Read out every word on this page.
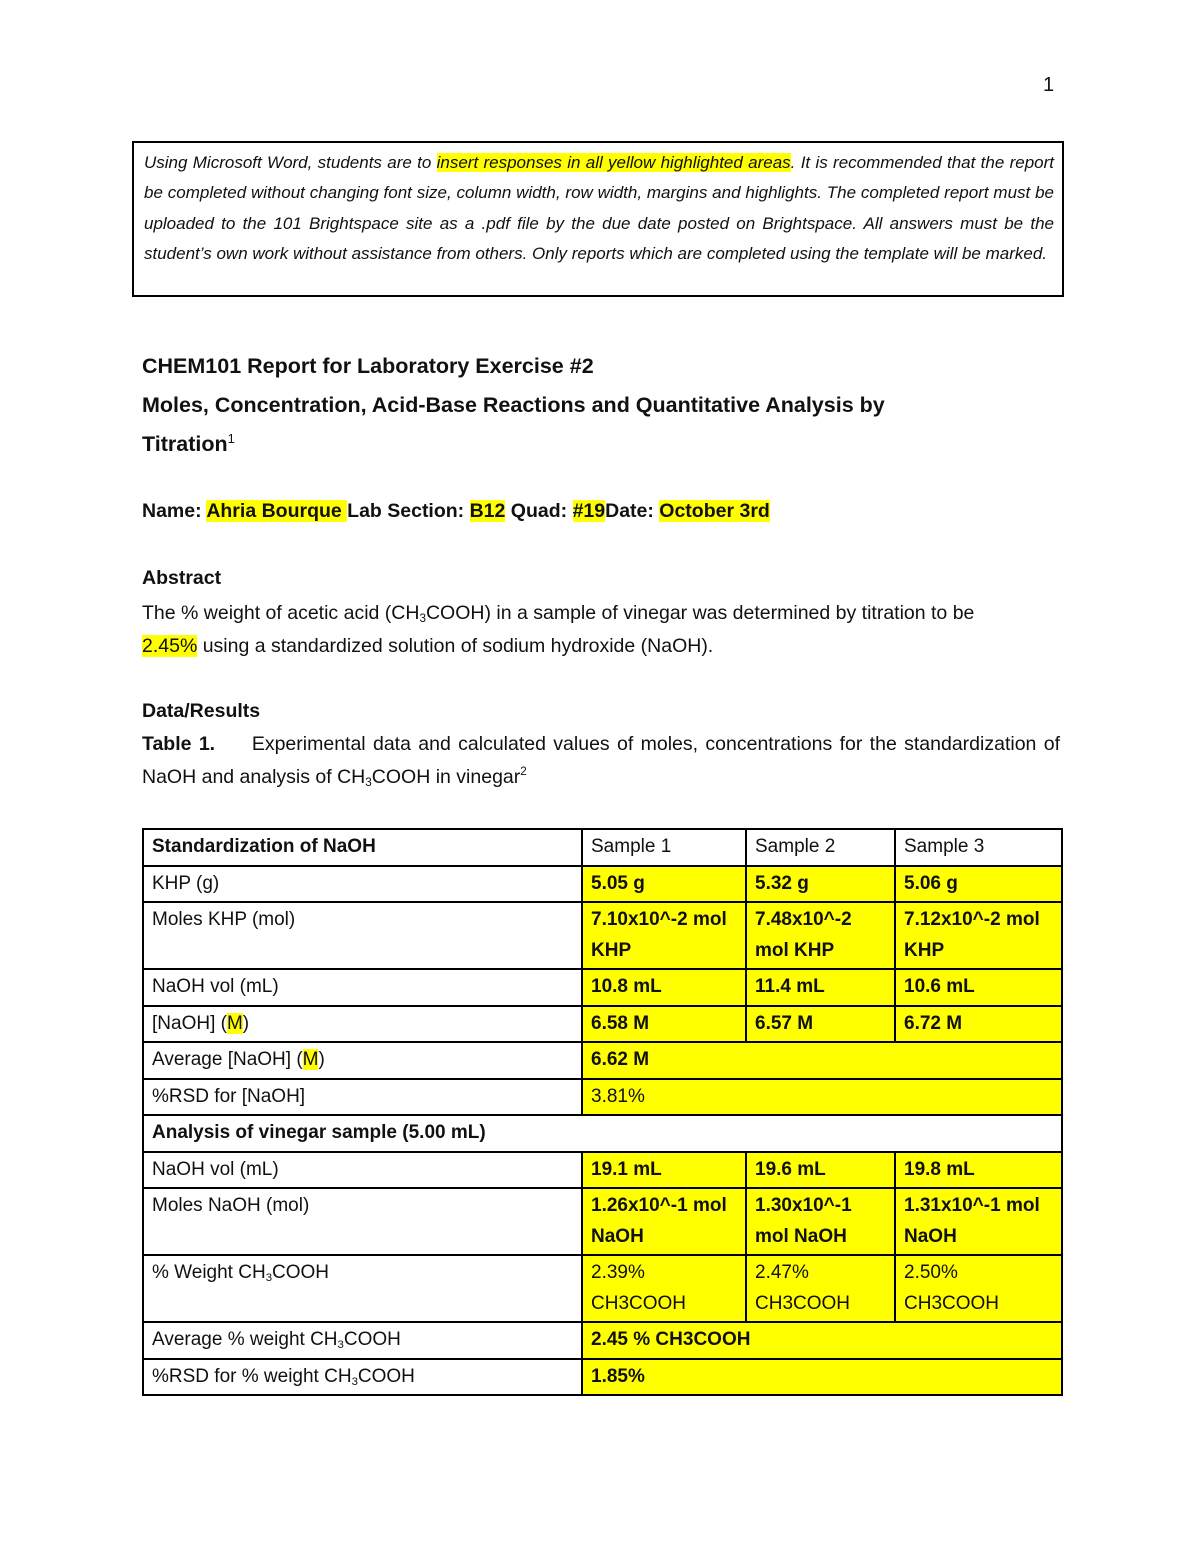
1
Using Microsoft Word, students are to insert responses in all yellow highlighted areas. It is recommended that the report be completed without changing font size, column width, row width, margins and highlights. The completed report must be uploaded to the 101 Brightspace site as a .pdf file by the due date posted on Brightspace. All answers must be the student’s own work without assistance from others. Only reports which are completed using the template will be marked.
CHEM101 Report for Laboratory Exercise #2
Moles, Concentration, Acid-Base Reactions and Quantitative Analysis by
Titration$^1$
Name: Ahria Bourque Lab Section: B12 Quad: #19Date: October 3rd
Abstract
The % weight of acetic acid $(CH_3COOH)$ in a sample of vinegar was determined by titration to be
2.45% using a standardized solution of sodium hydroxide (NaOH).
Data/Results
Table 1. Experimental data and calculated values of moles, concentrations for the standardization of NaOH and analysis of $CH_3COOH$ in vinegar$^2$
Standardization of NaOH	Sample 1	Sample 2	Sample 3
KHP (g)	5.05 g	5.32 g	5.06 g
Moles KHP (mol)	7.10x10^-2 mol KHP	7.48x10^-2 mol KHP	7.12x10^-2 mol KHP
NaOH vol (mL)	10.8 mL	11.4 mL	10.6 mL
[NaOH] (M)	6.58 M	6.57 M	6.72 M
Average [NaOH] (M)	6.62 M		
%RSD for [NaOH]	3.81%		
Analysis of vinegar sample (5.00 mL)			
NaOH vol (mL)	19.1 mL	19.6 mL	19.8 mL
Moles NaOH (mol)	1.26x10^-1 mol NaOH	1.30x10^-1 mol NaOH	1.31x10^-1 mol NaOH
% Weight $CH_3COOH$	2.39% CH3COOH	2.47% CH3COOH	2.50% CH3COOH
Average % weight $CH_3COOH$	2.45 % CH3COOH		
%RSD for % weight $CH_3COOH$	1.85%		
